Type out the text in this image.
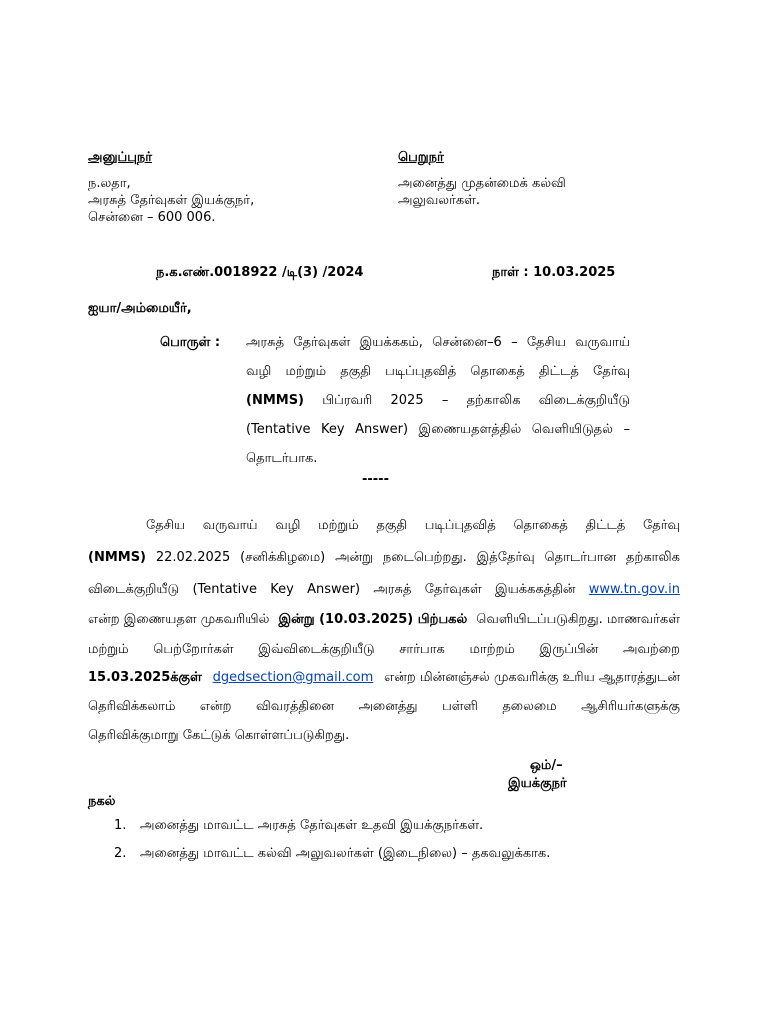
அனுப்புநர்
ந.லதா,
அரசுத் தேர்வுகள் இயக்குநர்,
சென்னை – 600 006.
பெறுநர்
அனைத்து முதன்மைக் கல்வி
அலுவலர்கள்.
ந.க.எண்.0018922 /டி(3) /2024	நாள் : 10.03.2025
ஐயா/அம்மையீர்,
பொருள் : அரசுத் தேர்வுகள் இயக்ககம், சென்னை–6 – தேசிய வருவாய்
வழி மற்றும் தகுதி படிப்புதவித் தொகைத் திட்டத் தேர்வு
(NMMS) பிப்ரவரி 2025 – தற்காலிக விடைக்குறியீடு
(Tentative Key Answer) இணையதளத்தில் வெளியிடுதல் –
தொடர்பாக.
-----
தேசிய வருவாய் வழி மற்றும் தகுதி படிப்புதவித் தொகைத் திட்டத் தேர்வு
(NMMS) 22.02.2025 (சனிக்கிழமை) அன்று நடைபெற்றது. இத்தேர்வு தொடர்பான தற்காலிக
விடைக்குறியீடு (Tentative Key Answer) அரசுத் தேர்வுகள் இயக்ககத்தின் www.tn.gov.in
என்ற இணையதள முகவரியில் இன்று (10.03.2025) பிற்பகல் வெளியிடப்படுகிறது. மாணவர்கள்
மற்றும் பெற்றோர்கள் இவ்விடைக்குறியீடு சார்பாக மாற்றம் இருப்பின் அவற்றை
15.03.2025க்குள் dgedsection@gmail.com என்ற மின்னஞ்சல் முகவரிக்கு உரிய ஆதாரத்துடன்
தெரிவிக்கலாம் என்ற விவரத்தினை அனைத்து பள்ளி தலைமை ஆசிரியர்களுக்கு
தெரிவிக்குமாறு கேட்டுக் கொள்ளப்படுகிறது.
ஒம்/–
இயக்குநர்
நகல்
1. அனைத்து மாவட்ட அரசுத் தேர்வுகள் உதவி இயக்குநர்கள்.
2. அனைத்து மாவட்ட கல்வி அலுவலர்கள் (இடைநிலை) – தகவலுக்காக.
